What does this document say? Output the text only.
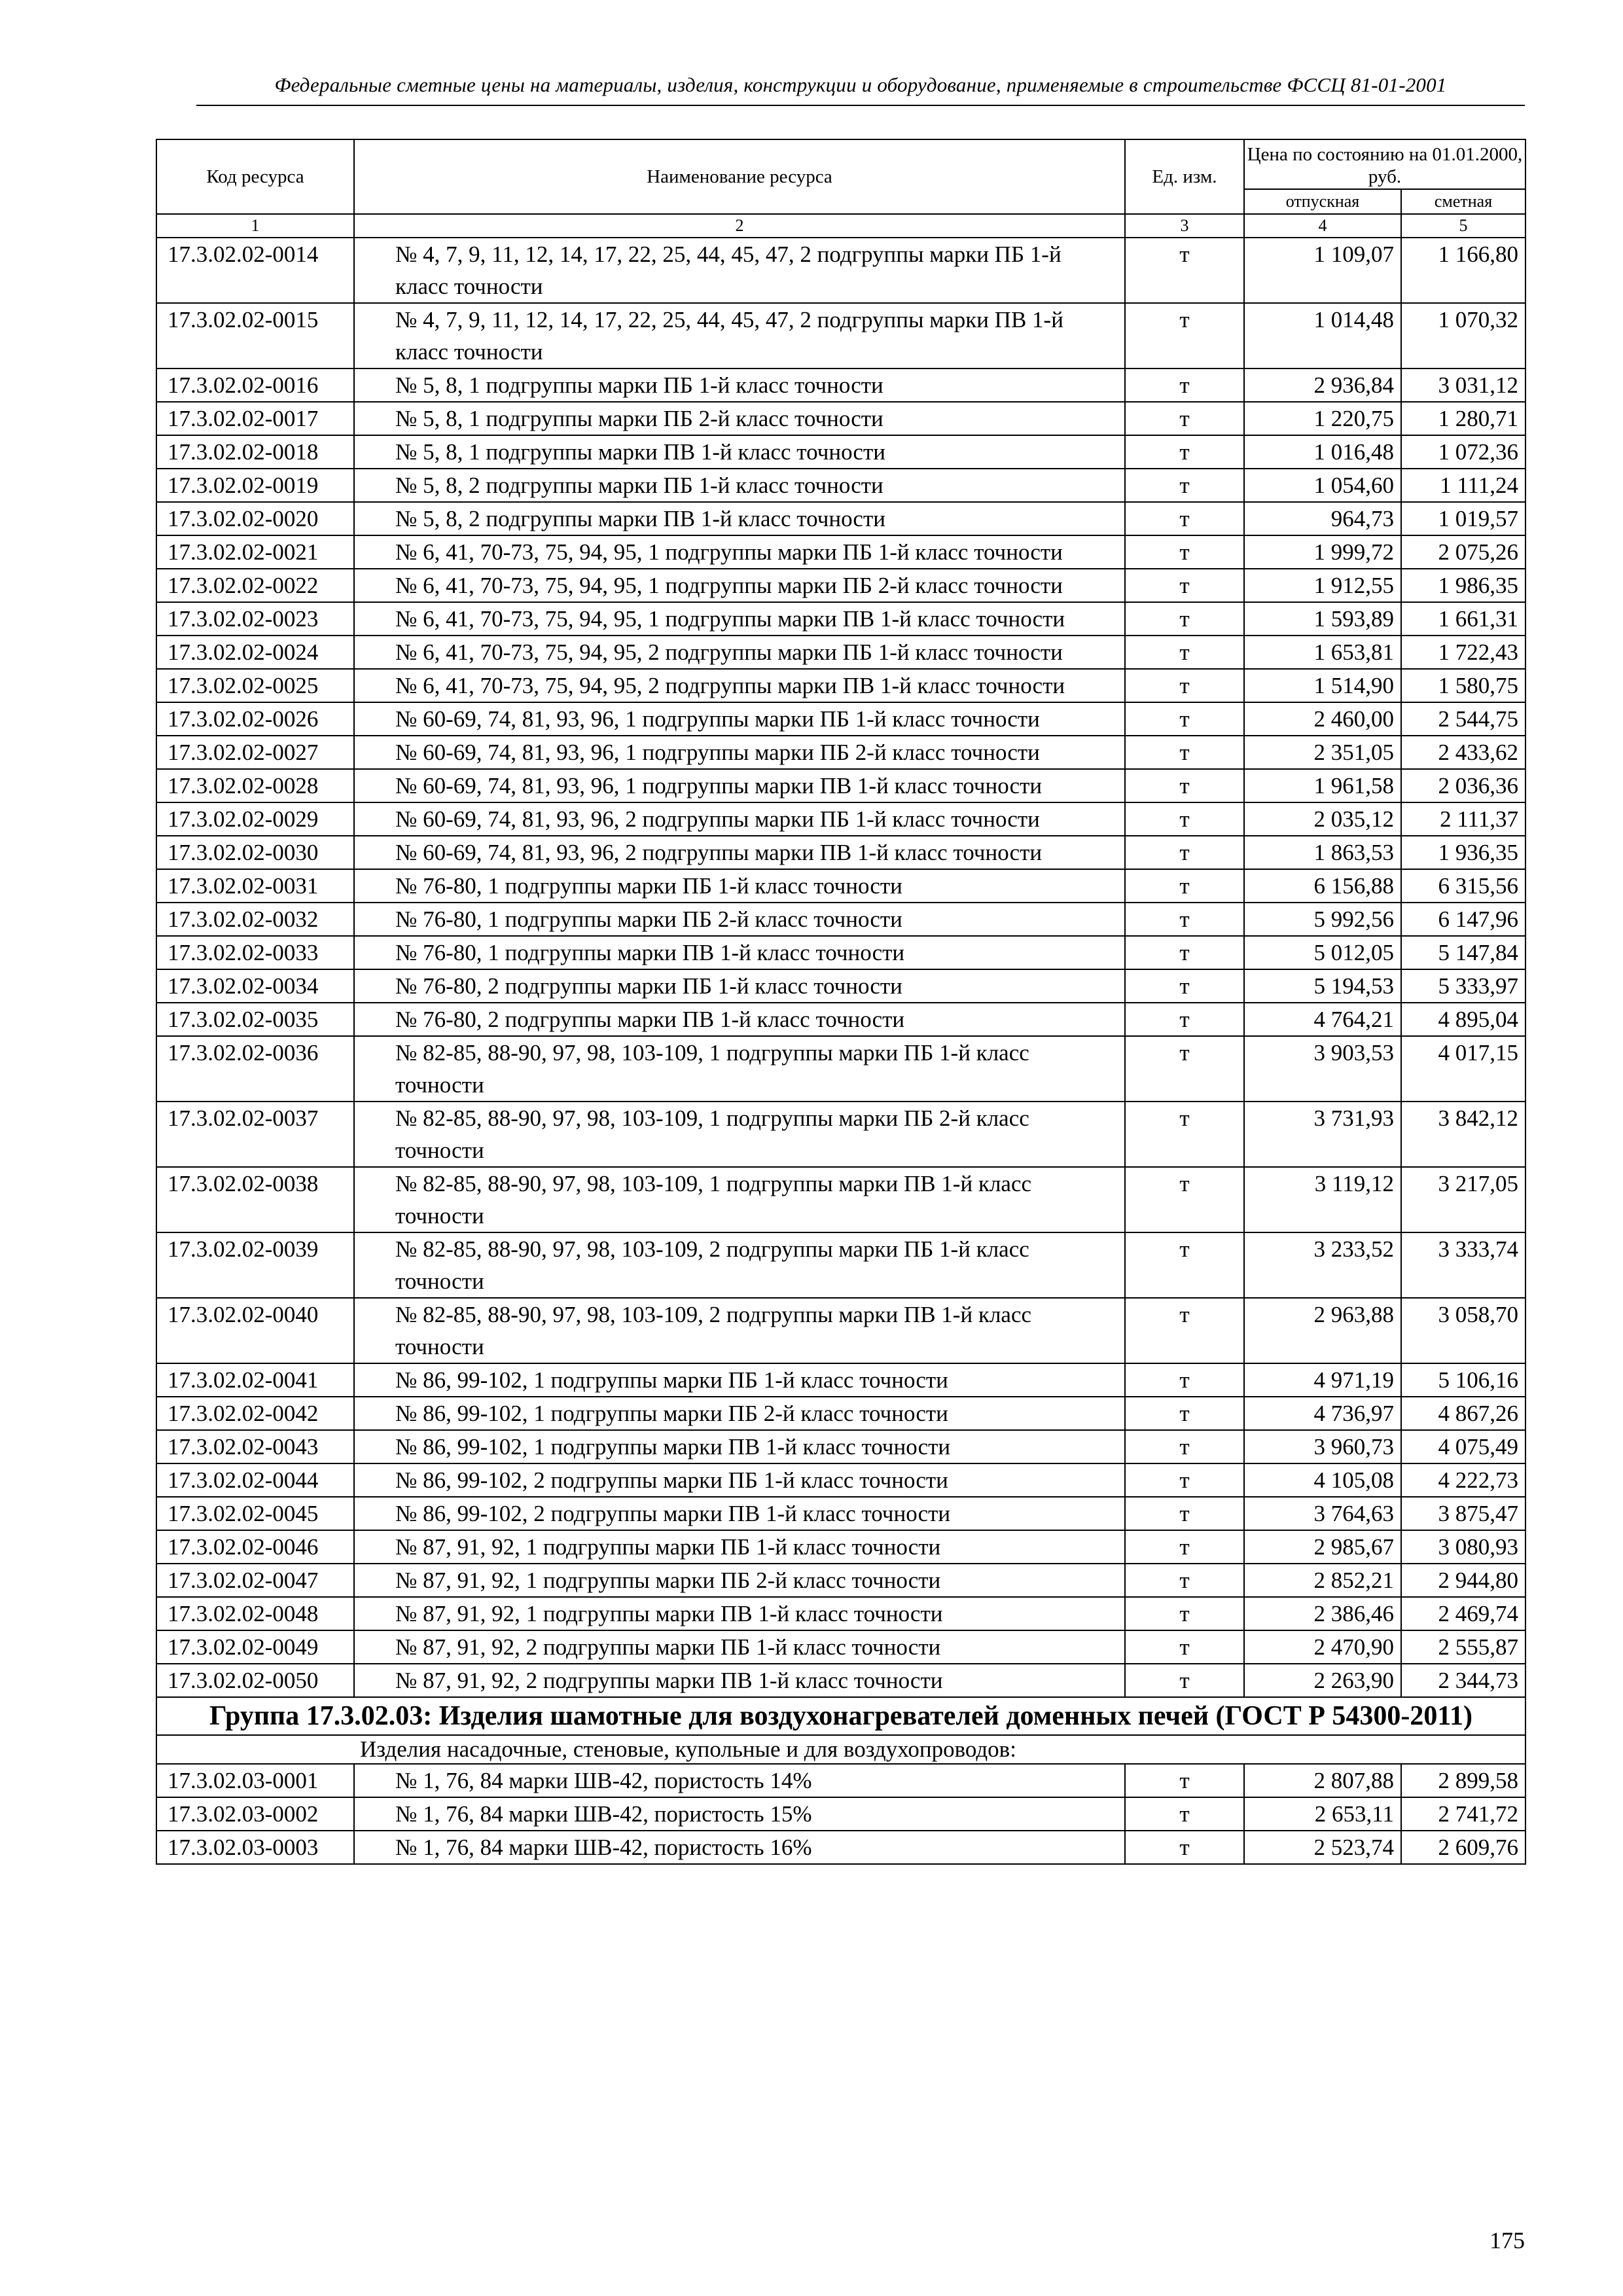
Федеральные сметные цены на материалы, изделия, конструкции и оборудование, применяемые в строительстве ФССЦ 81-01-2001
Код ресурса	Наименование ресурса	Ед. изм.	Цена по состоянию на 01.01.2000, руб.	
			отпускная	сметная
1	2	3	4	5
17.3.02.02-0014	№ 4, 7, 9, 11, 12, 14, 17, 22, 25, 44, 45, 47, 2 подгруппы марки ПБ 1-й класс точности	т	1 109,07	1 166,80
17.3.02.02-0015	№ 4, 7, 9, 11, 12, 14, 17, 22, 25, 44, 45, 47, 2 подгруппы марки ПВ 1-й класс точности	т	1 014,48	1 070,32
17.3.02.02-0016	№ 5, 8, 1 подгруппы марки ПБ 1-й класс точности	т	2 936,84	3 031,12
17.3.02.02-0017	№ 5, 8, 1 подгруппы марки ПБ 2-й класс точности	т	1 220,75	1 280,71
17.3.02.02-0018	№ 5, 8, 1 подгруппы марки ПВ 1-й класс точности	т	1 016,48	1 072,36
17.3.02.02-0019	№ 5, 8, 2 подгруппы марки ПБ 1-й класс точности	т	1 054,60	1 111,24
17.3.02.02-0020	№ 5, 8, 2 подгруппы марки ПВ 1-й класс точности	т	964,73	1 019,57
17.3.02.02-0021	№ 6, 41, 70-73, 75, 94, 95, 1 подгруппы марки ПБ 1-й класс точности	т	1 999,72	2 075,26
17.3.02.02-0022	№ 6, 41, 70-73, 75, 94, 95, 1 подгруппы марки ПБ 2-й класс точности	т	1 912,55	1 986,35
17.3.02.02-0023	№ 6, 41, 70-73, 75, 94, 95, 1 подгруппы марки ПВ 1-й класс точности	т	1 593,89	1 661,31
17.3.02.02-0024	№ 6, 41, 70-73, 75, 94, 95, 2 подгруппы марки ПБ 1-й класс точности	т	1 653,81	1 722,43
17.3.02.02-0025	№ 6, 41, 70-73, 75, 94, 95, 2 подгруппы марки ПВ 1-й класс точности	т	1 514,90	1 580,75
17.3.02.02-0026	№ 60-69, 74, 81, 93, 96, 1 подгруппы марки ПБ 1-й класс точности	т	2 460,00	2 544,75
17.3.02.02-0027	№ 60-69, 74, 81, 93, 96, 1 подгруппы марки ПБ 2-й класс точности	т	2 351,05	2 433,62
17.3.02.02-0028	№ 60-69, 74, 81, 93, 96, 1 подгруппы марки ПВ 1-й класс точности	т	1 961,58	2 036,36
17.3.02.02-0029	№ 60-69, 74, 81, 93, 96, 2 подгруппы марки ПБ 1-й класс точности	т	2 035,12	2 111,37
17.3.02.02-0030	№ 60-69, 74, 81, 93, 96, 2 подгруппы марки ПВ 1-й класс точности	т	1 863,53	1 936,35
17.3.02.02-0031	№ 76-80, 1 подгруппы марки ПБ 1-й класс точности	т	6 156,88	6 315,56
17.3.02.02-0032	№ 76-80, 1 подгруппы марки ПБ 2-й класс точности	т	5 992,56	6 147,96
17.3.02.02-0033	№ 76-80, 1 подгруппы марки ПВ 1-й класс точности	т	5 012,05	5 147,84
17.3.02.02-0034	№ 76-80, 2 подгруппы марки ПБ 1-й класс точности	т	5 194,53	5 333,97
17.3.02.02-0035	№ 76-80, 2 подгруппы марки ПВ 1-й класс точности	т	4 764,21	4 895,04
17.3.02.02-0036	№ 82-85, 88-90, 97, 98, 103-109, 1 подгруппы марки ПБ 1-й класс точности	т	3 903,53	4 017,15
17.3.02.02-0037	№ 82-85, 88-90, 97, 98, 103-109, 1 подгруппы марки ПБ 2-й класс точности	т	3 731,93	3 842,12
17.3.02.02-0038	№ 82-85, 88-90, 97, 98, 103-109, 1 подгруппы марки ПВ 1-й класс точности	т	3 119,12	3 217,05
17.3.02.02-0039	№ 82-85, 88-90, 97, 98, 103-109, 2 подгруппы марки ПБ 1-й класс точности	т	3 233,52	3 333,74
17.3.02.02-0040	№ 82-85, 88-90, 97, 98, 103-109, 2 подгруппы марки ПВ 1-й класс точности	т	2 963,88	3 058,70
17.3.02.02-0041	№ 86, 99-102, 1 подгруппы марки ПБ 1-й класс точности	т	4 971,19	5 106,16
17.3.02.02-0042	№ 86, 99-102, 1 подгруппы марки ПБ 2-й класс точности	т	4 736,97	4 867,26
17.3.02.02-0043	№ 86, 99-102, 1 подгруппы марки ПВ 1-й класс точности	т	3 960,73	4 075,49
17.3.02.02-0044	№ 86, 99-102, 2 подгруппы марки ПБ 1-й класс точности	т	4 105,08	4 222,73
17.3.02.02-0045	№ 86, 99-102, 2 подгруппы марки ПВ 1-й класс точности	т	3 764,63	3 875,47
17.3.02.02-0046	№ 87, 91, 92, 1 подгруппы марки ПБ 1-й класс точности	т	2 985,67	3 080,93
17.3.02.02-0047	№ 87, 91, 92, 1 подгруппы марки ПБ 2-й класс точности	т	2 852,21	2 944,80
17.3.02.02-0048	№ 87, 91, 92, 1 подгруппы марки ПВ 1-й класс точности	т	2 386,46	2 469,74
17.3.02.02-0049	№ 87, 91, 92, 2 подгруппы марки ПБ 1-й класс точности	т	2 470,90	2 555,87
17.3.02.02-0050	№ 87, 91, 92, 2 подгруппы марки ПВ 1-й класс точности	т	2 263,90	2 344,73
Группа 17.3.02.03: Изделия шамотные для воздухонагревателей доменных печей (ГОСТ Р 54300-2011)				
Изделия насадочные, стеновые, купольные и для воздухопроводов:				
17.3.02.03-0001	№ 1, 76, 84 марки ШВ-42, пористость 14%	т	2 807,88	2 899,58
17.3.02.03-0002	№ 1, 76, 84 марки ШВ-42, пористость 15%	т	2 653,11	2 741,72
17.3.02.03-0003	№ 1, 76, 84 марки ШВ-42, пористость 16%	т	2 523,74	2 609,76
175
